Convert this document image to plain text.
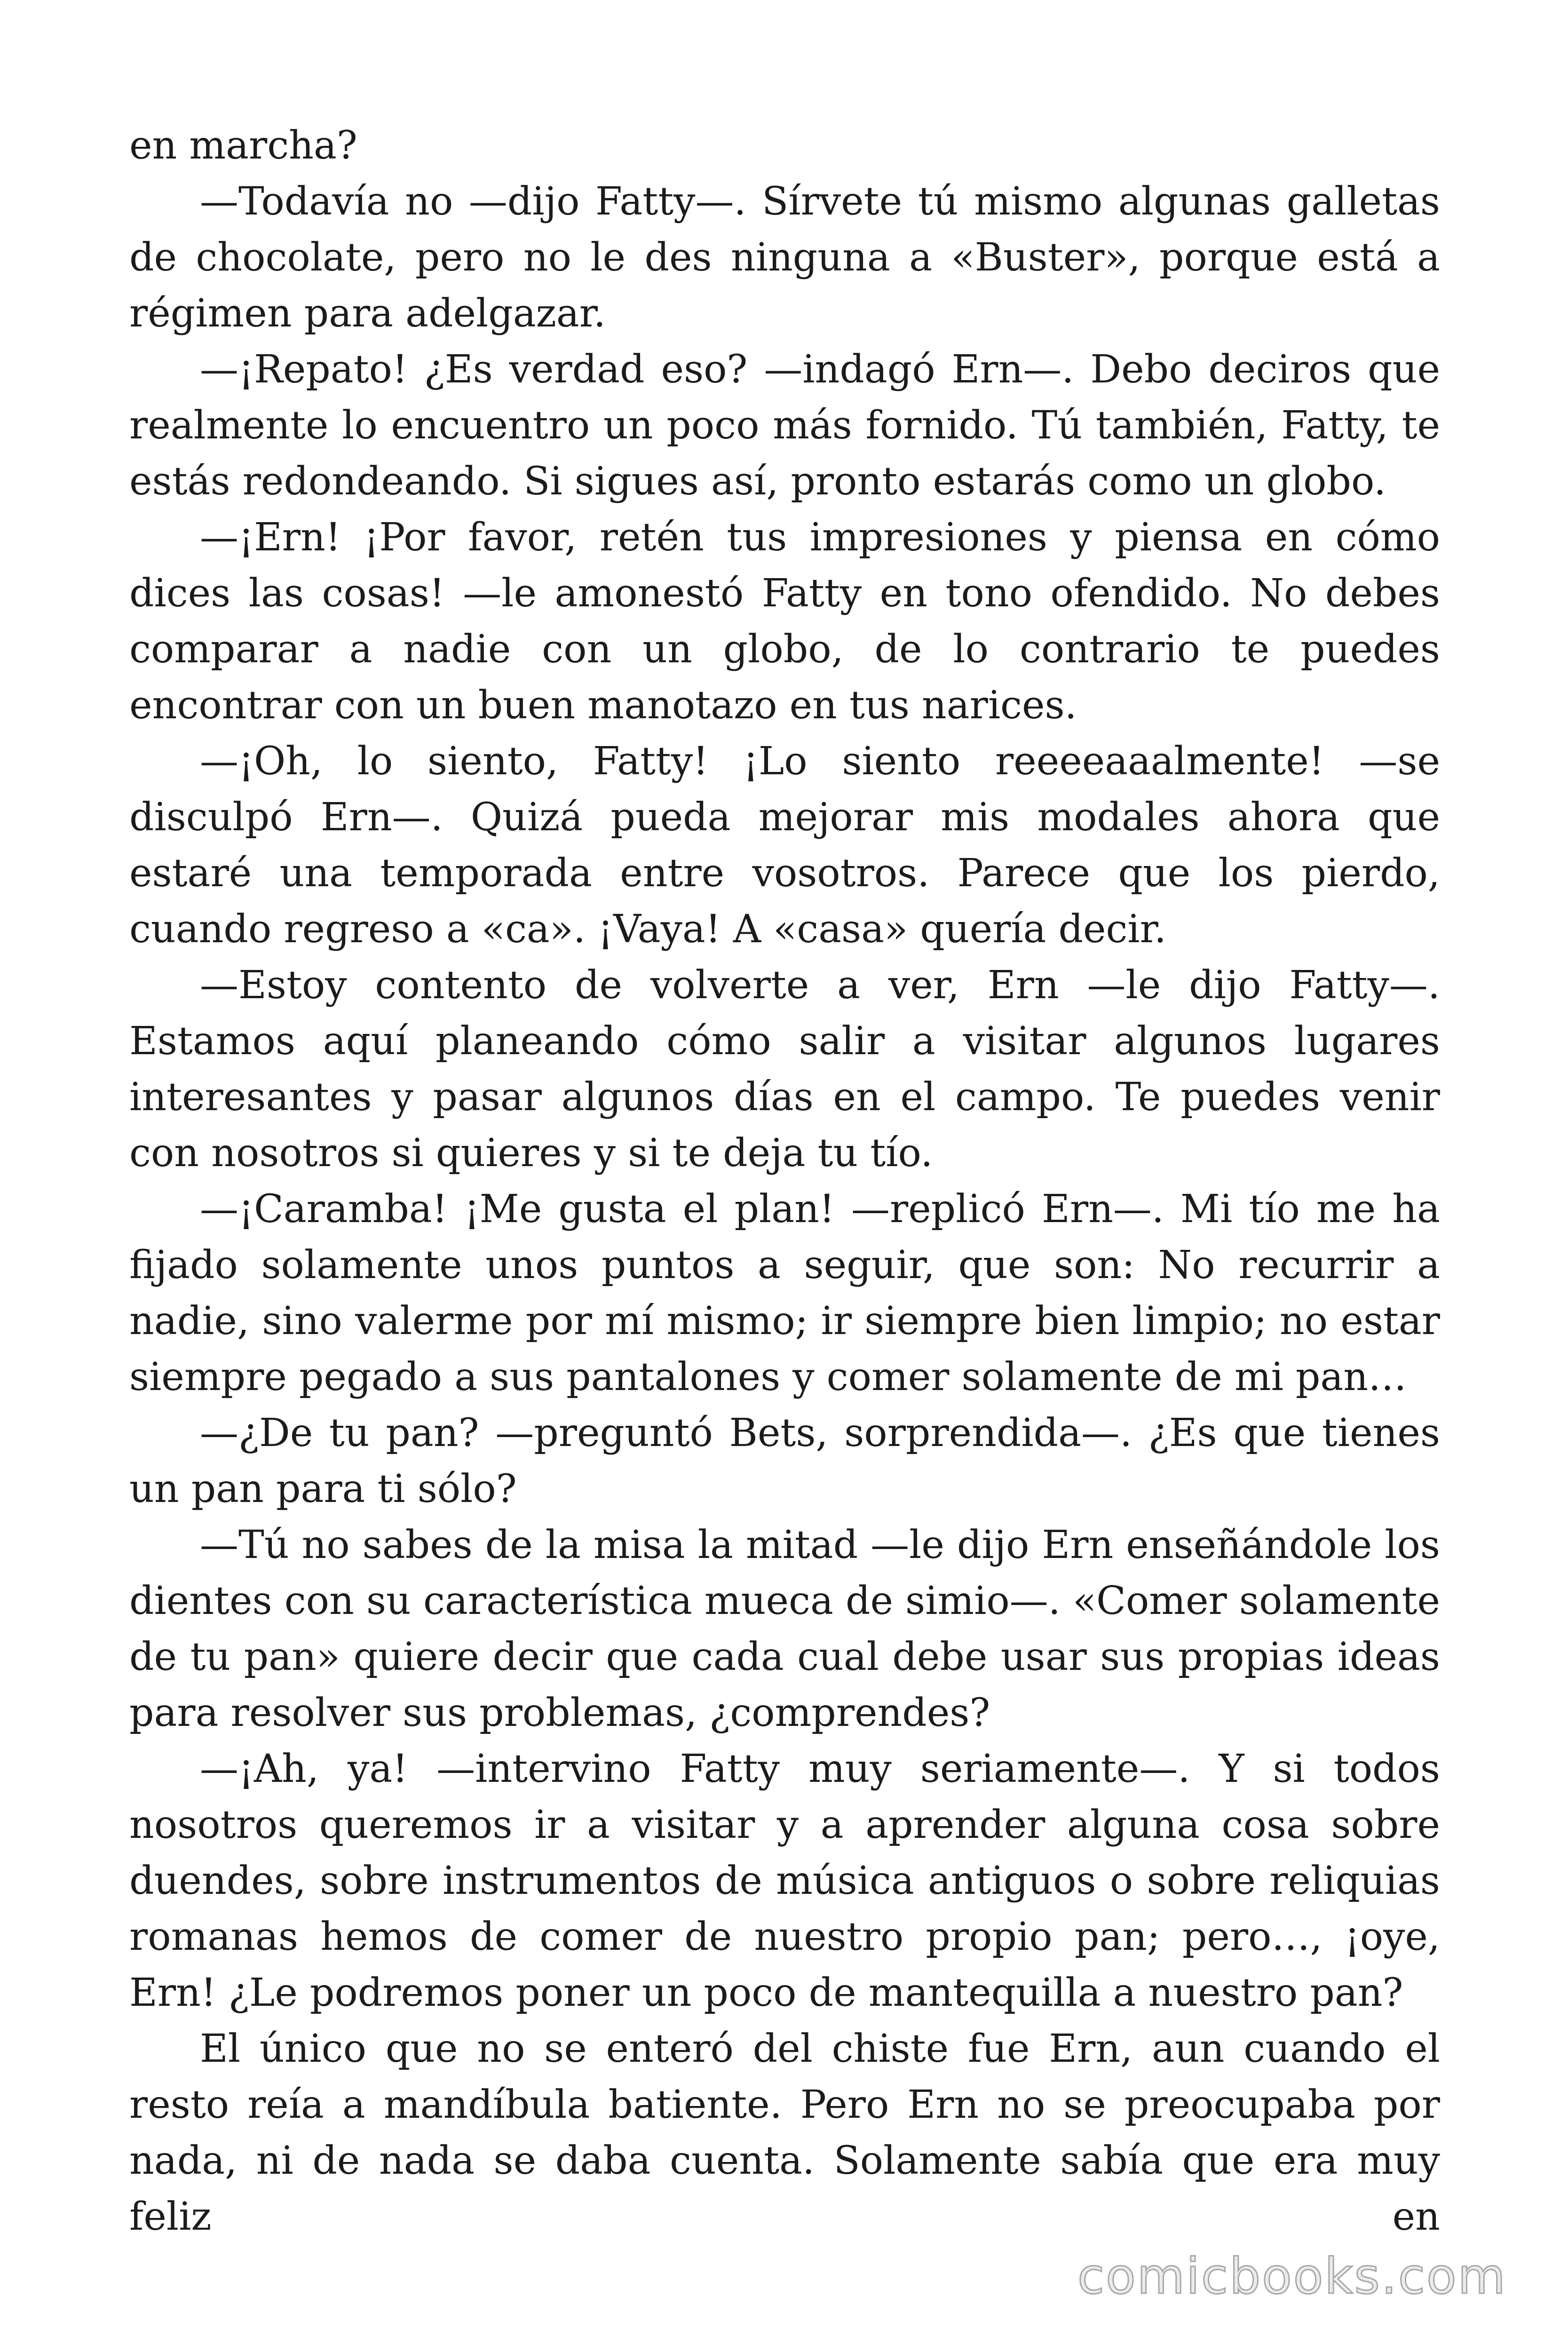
en marcha?

—Todavía no —dijo Fatty—. Sírvete tú mismo algunas galletas de chocolate, pero no le des ninguna a «Buster», porque está a régimen para adelgazar.

—¡Repato! ¿Es verdad eso? —indagó Ern—. Debo deciros que realmente lo encuentro un poco más fornido. Tú también, Fatty, te estás redondeando. Si sigues así, pronto estarás como un globo.

—¡Ern! ¡Por favor, retén tus impresiones y piensa en cómo dices las cosas! —le amonestó Fatty en tono ofendido. No debes comparar a nadie con un globo, de lo contrario te puedes encontrar con un buen manotazo en tus narices.

—¡Oh, lo siento, Fatty! ¡Lo siento reeeeaaalmente! —se disculpó Ern—. Quizá pueda mejorar mis modales ahora que estaré una temporada entre vosotros. Parece que los pierdo, cuando regreso a «ca». ¡Vaya! A «casa» quería decir.

—Estoy contento de volverte a ver, Ern —le dijo Fatty—. Estamos aquí planeando cómo salir a visitar algunos lugares interesantes y pasar algunos días en el campo. Te puedes venir con nosotros si quieres y si te deja tu tío.

—¡Caramba! ¡Me gusta el plan! —replicó Ern—. Mi tío me ha fijado solamente unos puntos a seguir, que son: No recurrir a nadie, sino valerme por mí mismo; ir siempre bien limpio; no estar siempre pegado a sus pantalones y comer solamente de mi pan…

—¿De tu pan? —preguntó Bets, sorprendida—. ¿Es que tienes un pan para ti sólo?

—Tú no sabes de la misa la mitad —le dijo Ern enseñándole los dientes con su característica mueca de simio—. «Comer solamente de tu pan» quiere decir que cada cual debe usar sus propias ideas para resolver sus problemas, ¿comprendes?

—¡Ah, ya! —intervino Fatty muy seriamente—. Y si todos nosotros queremos ir a visitar y a aprender alguna cosa sobre duendes, sobre instrumentos de música antiguos o sobre reliquias romanas hemos de comer de nuestro propio pan; pero…, ¡oye, Ern! ¿Le podremos poner un poco de mantequilla a nuestro pan?

El único que no se enteró del chiste fue Ern, aun cuando el resto reía a mandíbula batiente. Pero Ern no se preocupaba por nada, ni de nada se daba cuenta. Solamente sabía que era muy feliz en

comicbooks.com
